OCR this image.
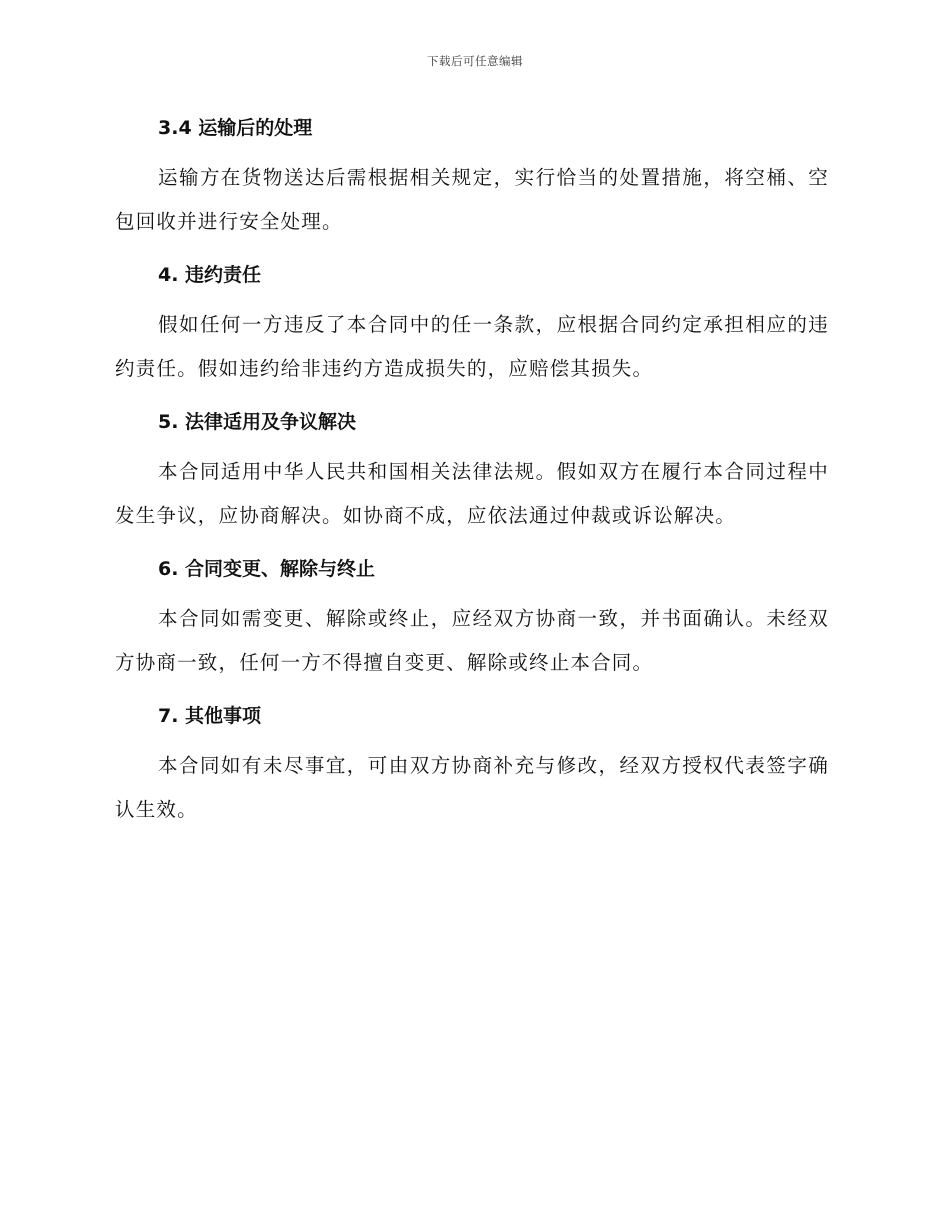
下载后可任意编辑
3.4 运输后的处理

运输方在货物送达后需根据相关规定，实行恰当的处置措施，将空桶、空包回收并进行安全处理。

4. 违约责任

假如任何一方违反了本合同中的任一条款，应根据合同约定承担相应的违约责任。假如违约给非违约方造成损失的，应赔偿其损失。

5. 法律适用及争议解决

本合同适用中华人民共和国相关法律法规。假如双方在履行本合同过程中发生争议，应协商解决。如协商不成，应依法通过仲裁或诉讼解决。

6. 合同变更、解除与终止

本合同如需变更、解除或终止，应经双方协商一致，并书面确认。未经双方协商一致，任何一方不得擅自变更、解除或终止本合同。

7. 其他事项

本合同如有未尽事宜，可由双方协商补充与修改，经双方授权代表签字确认生效。
